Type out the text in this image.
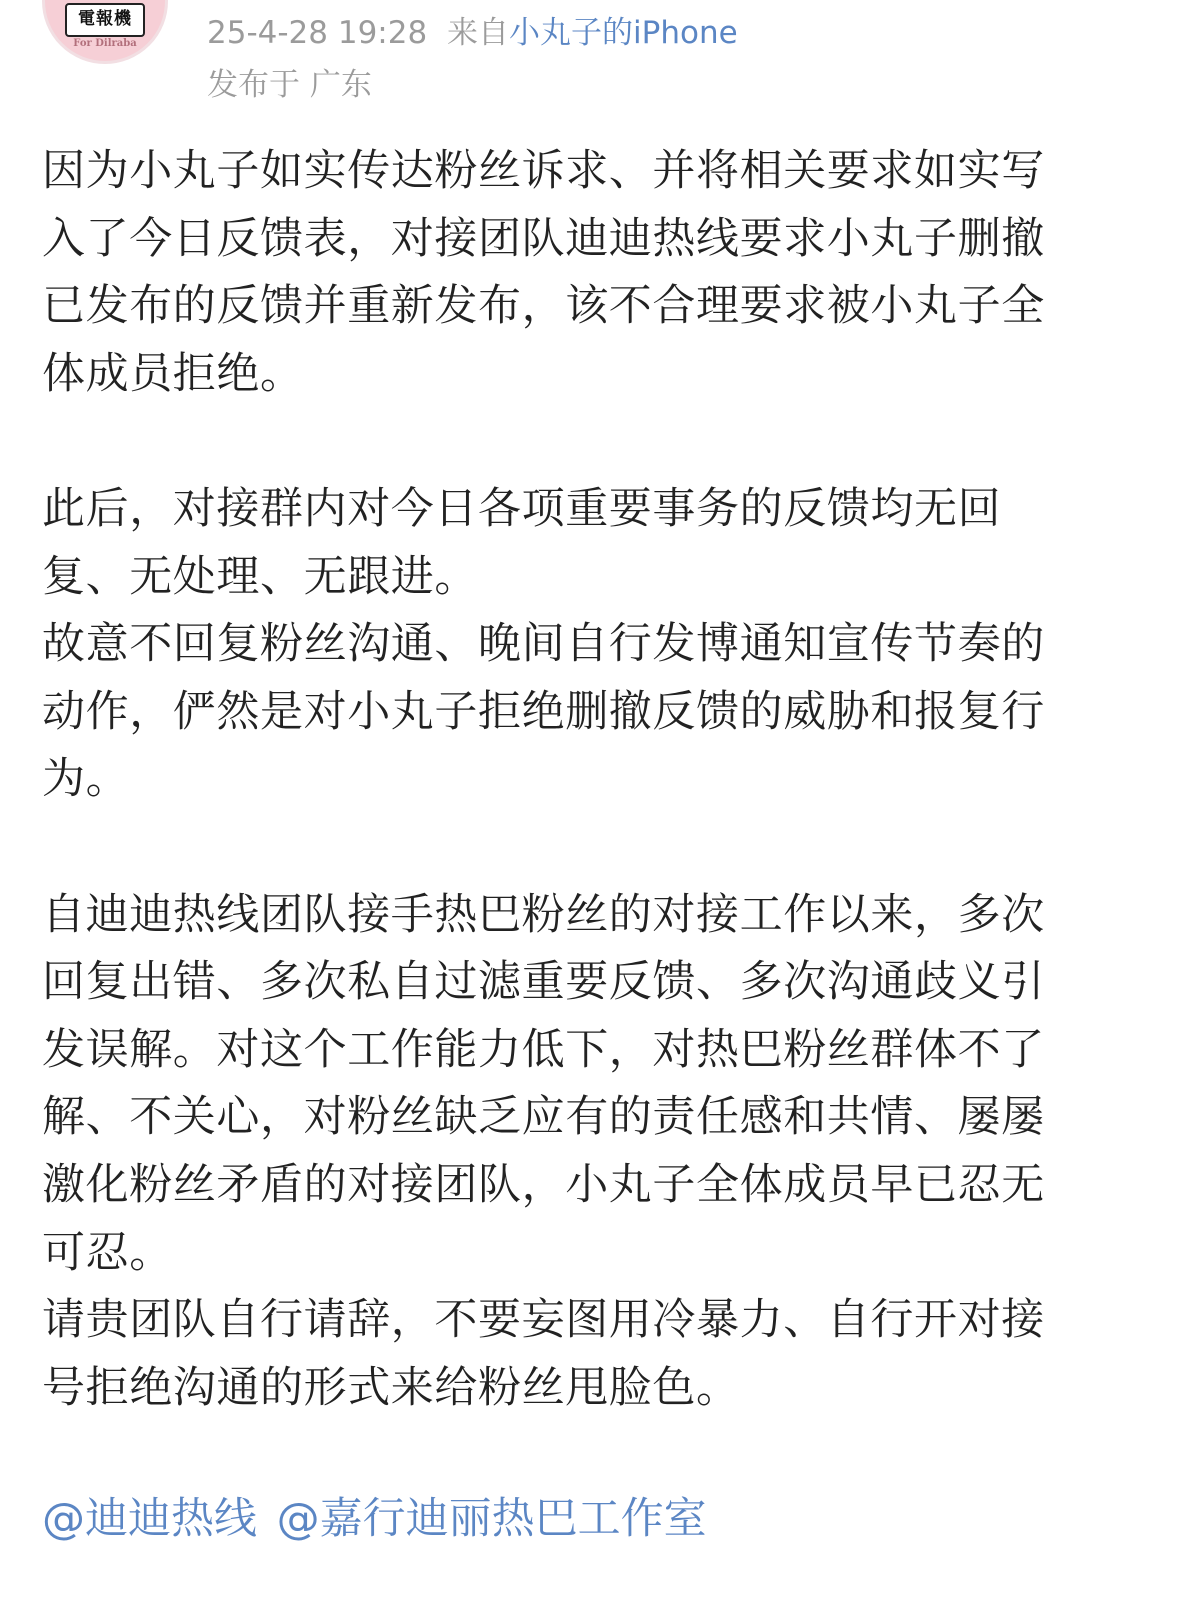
電報機
For Dilraba	25-4-28 19:28 来自小丸子的iPhone
发布于 广东

因为小丸子如实传达粉丝诉求、并将相关要求如实写入了今日反馈表，对接团队迪迪热线要求小丸子删撤已发布的反馈并重新发布，该不合理要求被小丸子全体成员拒绝。

此后，对接群内对今日各项重要事务的反馈均无回复、无处理、无跟进。

故意不回复粉丝沟通、晚间自行发博通知宣传节奏的动作，俨然是对小丸子拒绝删撤反馈的威胁和报复行为。

自迪迪热线团队接手热巴粉丝的对接工作以来，多次回复出错、多次私自过滤重要反馈、多次沟通歧义引发误解。对这个工作能力低下，对热巴粉丝群体不了解、不关心，对粉丝缺乏应有的责任感和共情、屡屡激化粉丝矛盾的对接团队，小丸子全体成员早已忍无可忍。

请贵团队自行请辞，不要妄图用冷暴力、自行开对接号拒绝沟通的形式来给粉丝甩脸色。

@迪迪热线 @嘉行迪丽热巴工作室
